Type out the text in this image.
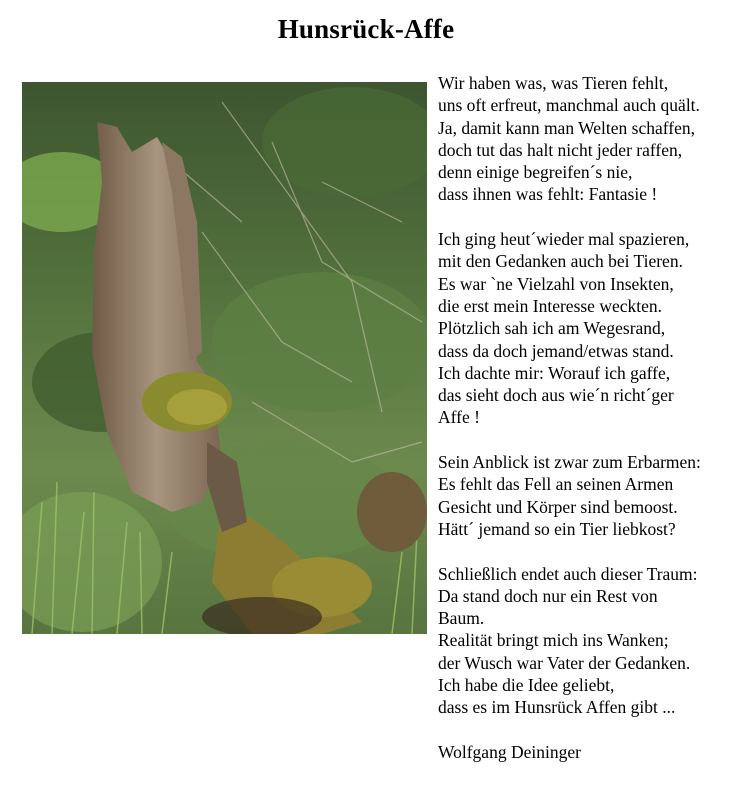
Hunsrück-Affe
Wir haben was, was Tieren fehlt,
uns oft erfreut, manchmal auch quält.
Ja, damit kann man Welten schaffen,
doch tut das halt nicht jeder raffen,
denn einige begreifen´s nie,
dass ihnen was fehlt: Fantasie !
Ich ging heut´wieder mal spazieren,
mit den Gedanken auch bei Tieren.
Es war `ne Vielzahl von Insekten,
die erst mein Interesse weckten.
Plötzlich sah ich am Wegesrand,
dass da doch jemand/etwas stand.
Ich dachte mir: Worauf ich gaffe,
das sieht doch aus wie´n richt´ger
Affe !
Sein Anblick ist zwar zum Erbarmen:
Es fehlt das Fell an seinen Armen
Gesicht und Körper sind bemoost.
Hätt´ jemand so ein Tier liebkost?
Schließlich endet auch dieser Traum:
Da stand doch nur ein Rest von
Baum.
Realität bringt mich ins Wanken;
der Wusch war Vater der Gedanken.
Ich habe die Idee geliebt,
dass es im Hunsrück Affen gibt ...
Wolfgang Deininger
